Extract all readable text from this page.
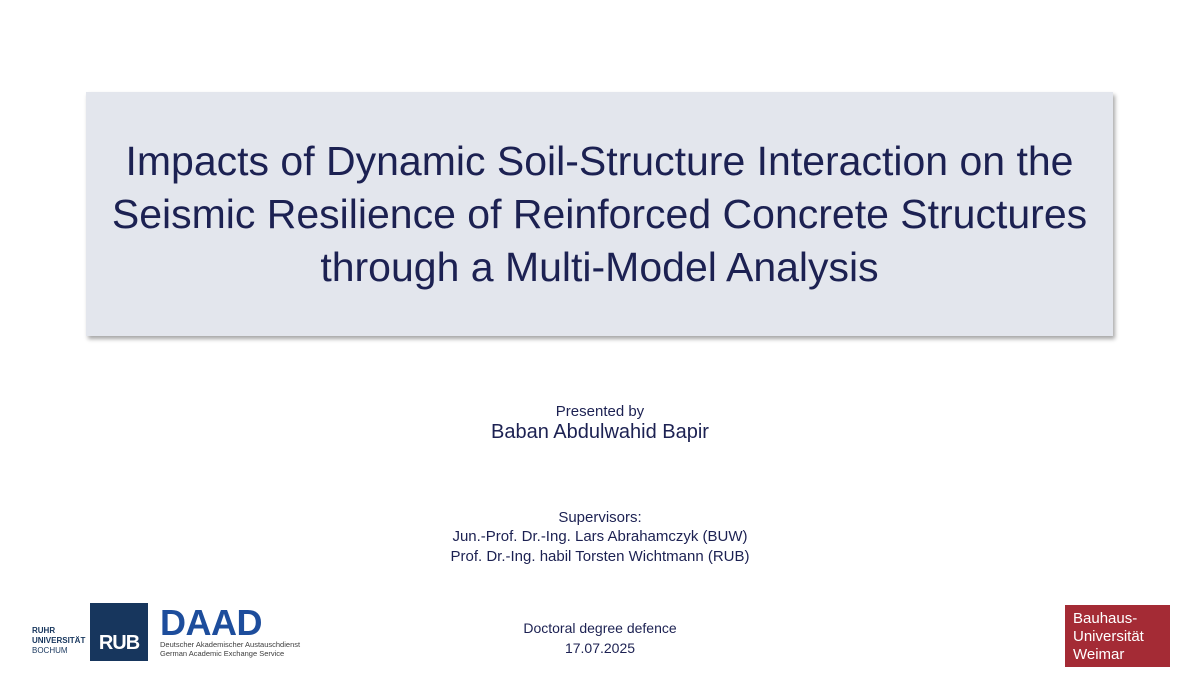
Impacts of Dynamic Soil-Structure Interaction on the
Seismic Resilience of Reinforced Concrete Structures
through a Multi-Model Analysis
Presented by
Baban Abdulwahid Bapir
Supervisors:
Jun.-Prof. Dr.-Ing. Lars Abrahamczyk (BUW)
Prof. Dr.-Ing. habil Torsten Wichtmann (RUB)
Doctoral degree defence
17.07.2025
RUHR
UNIVERSITÄT
BOCHUM	RUB DAAD
Deutscher Akademischer Austauschdienst
German Academic Exchange Service
Bauhaus-
Universität
Weimar
